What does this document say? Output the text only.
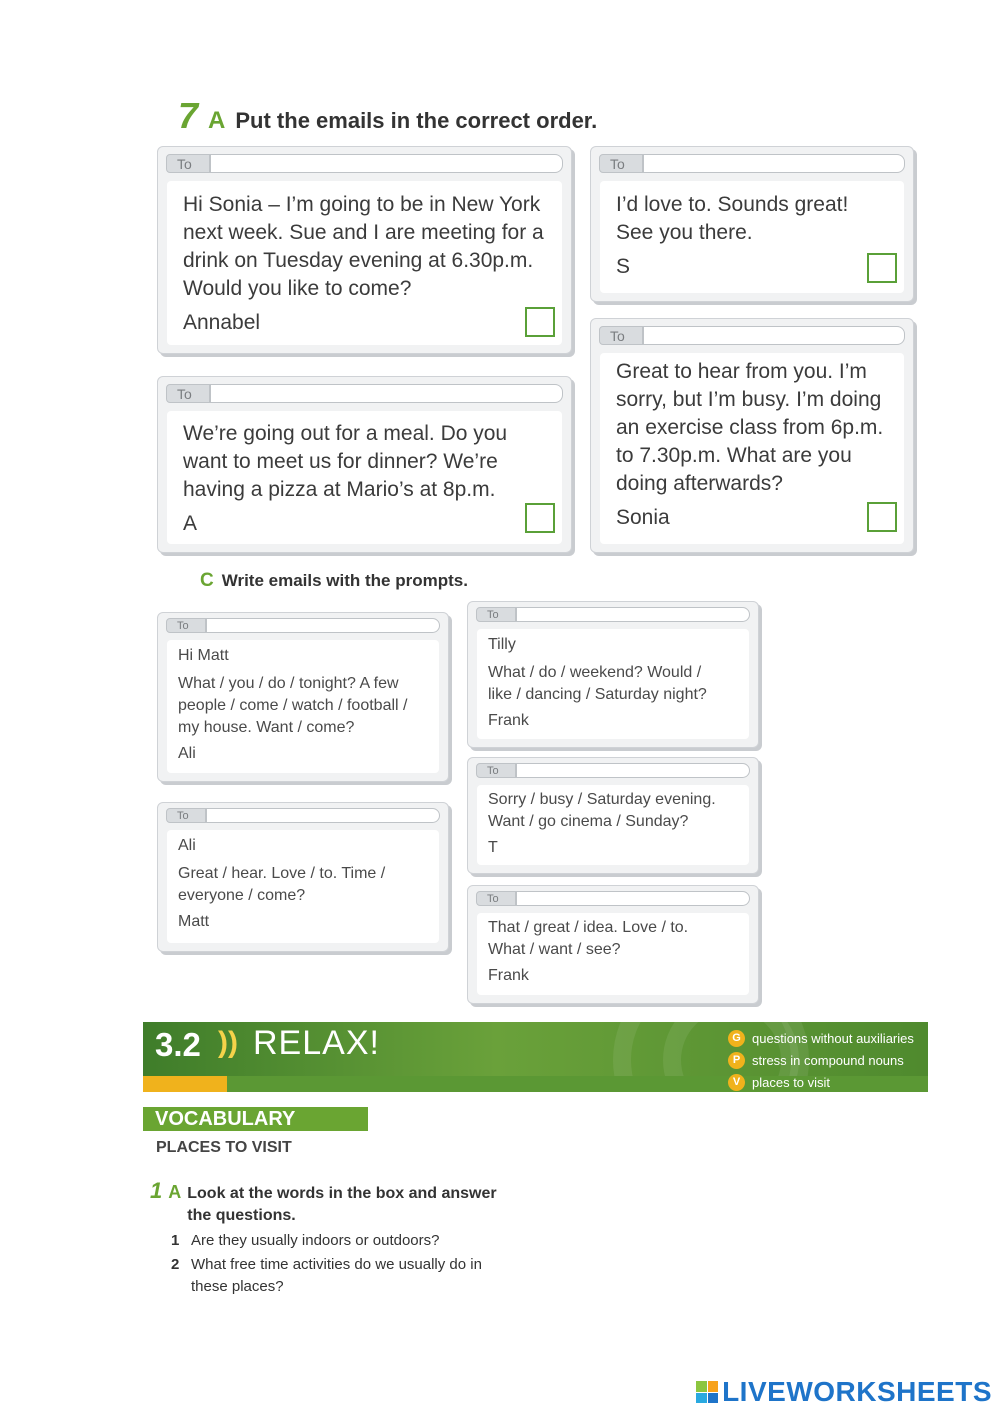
7 A Put the emails in the correct order.
To

Hi Sonia – I’m going to be in New York

next week. Sue and I are meeting for a

drink on Tuesday evening at 6.30p.m.

Would you like to come?

Annabel

To

I’d love to. Sounds great!

See you there.

S

To

We’re going out for a meal. Do you

want to meet us for dinner? We’re

having a pizza at Mario’s at 8p.m.

A

To

Great to hear from you. I’m

sorry, but I’m busy. I’m doing

an exercise class from 6p.m.

to 7.30p.m. What are you

doing afterwards?

Sonia

C Write emails with the prompts.
To

Hi Matt

What / you / do / tonight? A few

people / come / watch / football /

my house. Want / come?

Ali

To

Ali

Great / hear. Love / to. Time /

everyone / come?

Matt

To

Tilly

What / do / weekend? Would /

like / dancing / Saturday night?

Frank

To

Sorry / busy / Saturday evening.

Want / go cinema / Sunday?

T

To

That / great / idea. Love / to.

What / want / see?

Frank

3.2 )) RELAX!	G questions without auxiliaries
P stress in compound nouns
V places to visit
VOCABULARY
PLACES TO VISIT
1 A Look at the words in the box and answer the questions.
1 Are they usually indoors or outdoors?
2 What free time activities do we usually do in these places?
LIVEWORKSHEETS
